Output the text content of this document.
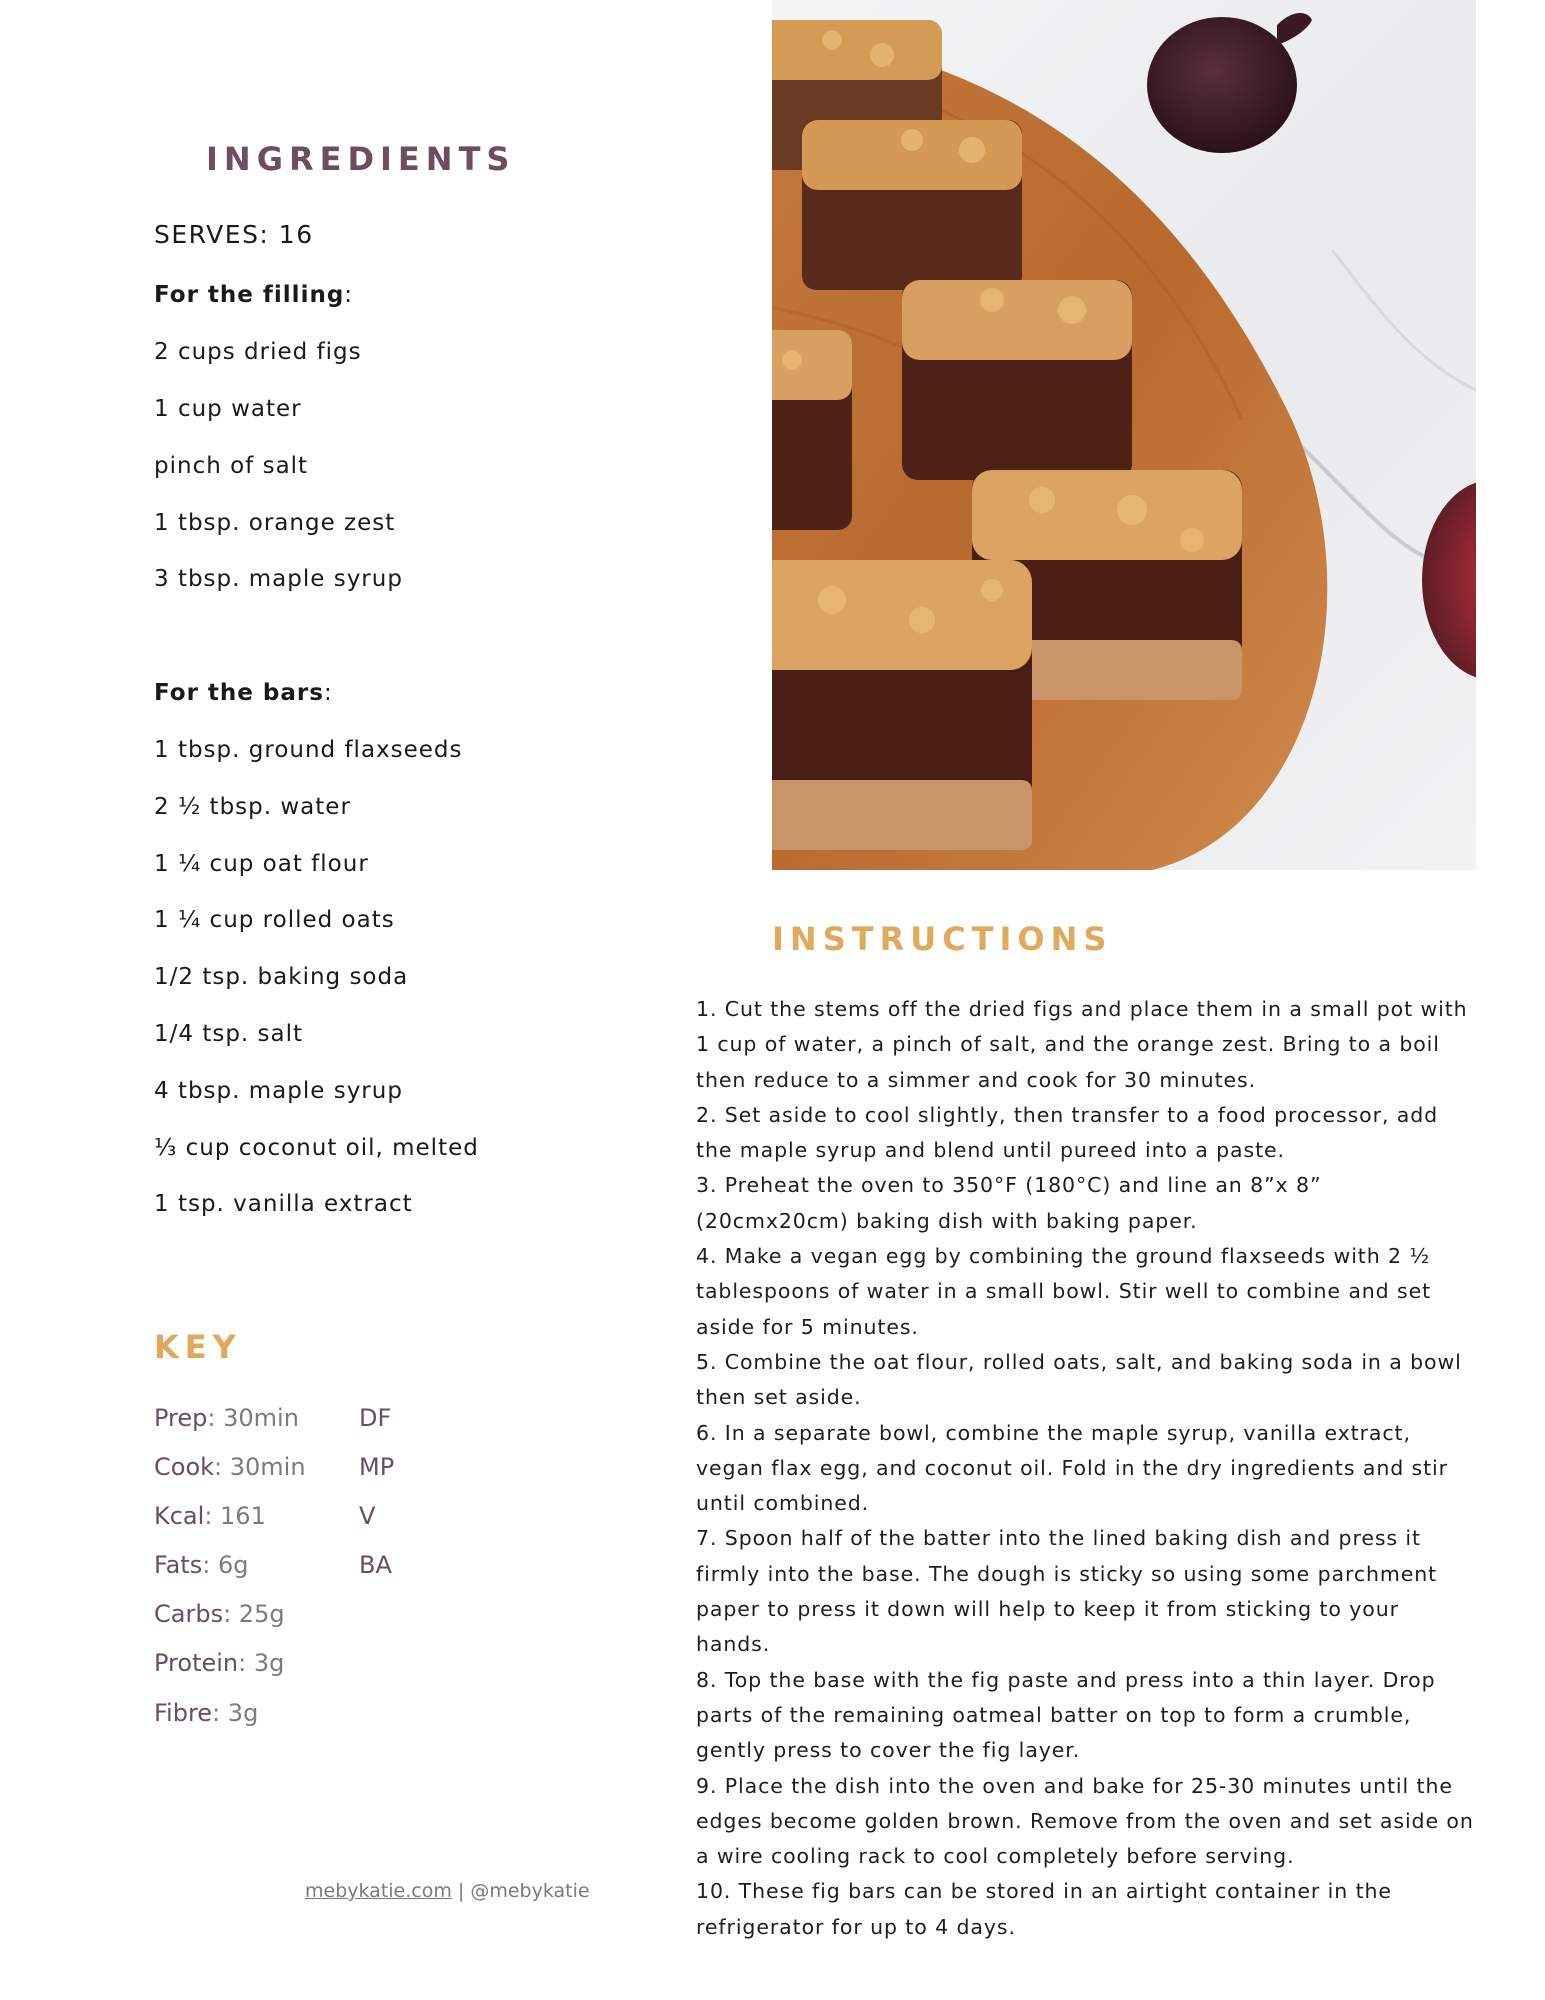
INGREDIENTS
SERVES: 16
For the filling:
2 cups dried figs
1 cup water
pinch of salt
1 tbsp. orange zest
3 tbsp. maple syrup
For the bars:
1 tbsp. ground flaxseeds
2 ½ tbsp. water
1 ¼ cup oat flour
1 ¼ cup rolled oats
1/2 tsp. baking soda
1/4 tsp. salt
4 tbsp. maple syrup
⅓ cup coconut oil, melted
1 tsp. vanilla extract
KEY
Prep: 30min
Cook: 30min
Kcal: 161
Fats: 6g
Carbs: 25g
Protein: 3g
Fibre: 3g
DF
MP
V
BA
INSTRUCTIONS

1. Cut the stems off the dried figs and place them in a small pot with 1 cup of water, a pinch of salt, and the orange zest. Bring to a boil then reduce to a simmer and cook for 30 minutes.

2. Set aside to cool slightly, then transfer to a food processor, add the maple syrup and blend until pureed into a paste.

3. Preheat the oven to 350°F (180°C) and line an 8”x 8” (20cmx20cm) baking dish with baking paper.

4. Make a vegan egg by combining the ground flaxseeds with 2 ½ tablespoons of water in a small bowl. Stir well to combine and set aside for 5 minutes.

5. Combine the oat flour, rolled oats, salt, and baking soda in a bowl then set aside.

6. In a separate bowl, combine the maple syrup, vanilla extract, vegan flax egg, and coconut oil. Fold in the dry ingredients and stir until combined.

7. Spoon half of the batter into the lined baking dish and press it firmly into the base. The dough is sticky so using some parchment paper to press it down will help to keep it from sticking to your hands.

8. Top the base with the fig paste and press into a thin layer. Drop parts of the remaining oatmeal batter on top to form a crumble, gently press to cover the fig layer.

9. Place the dish into the oven and bake for 25-30 minutes until the edges become golden brown. Remove from the oven and set aside on a wire cooling rack to cool completely before serving.

10. These fig bars can be stored in an airtight container in the refrigerator for up to 4 days.

mebykatie.com | @mebykatie
